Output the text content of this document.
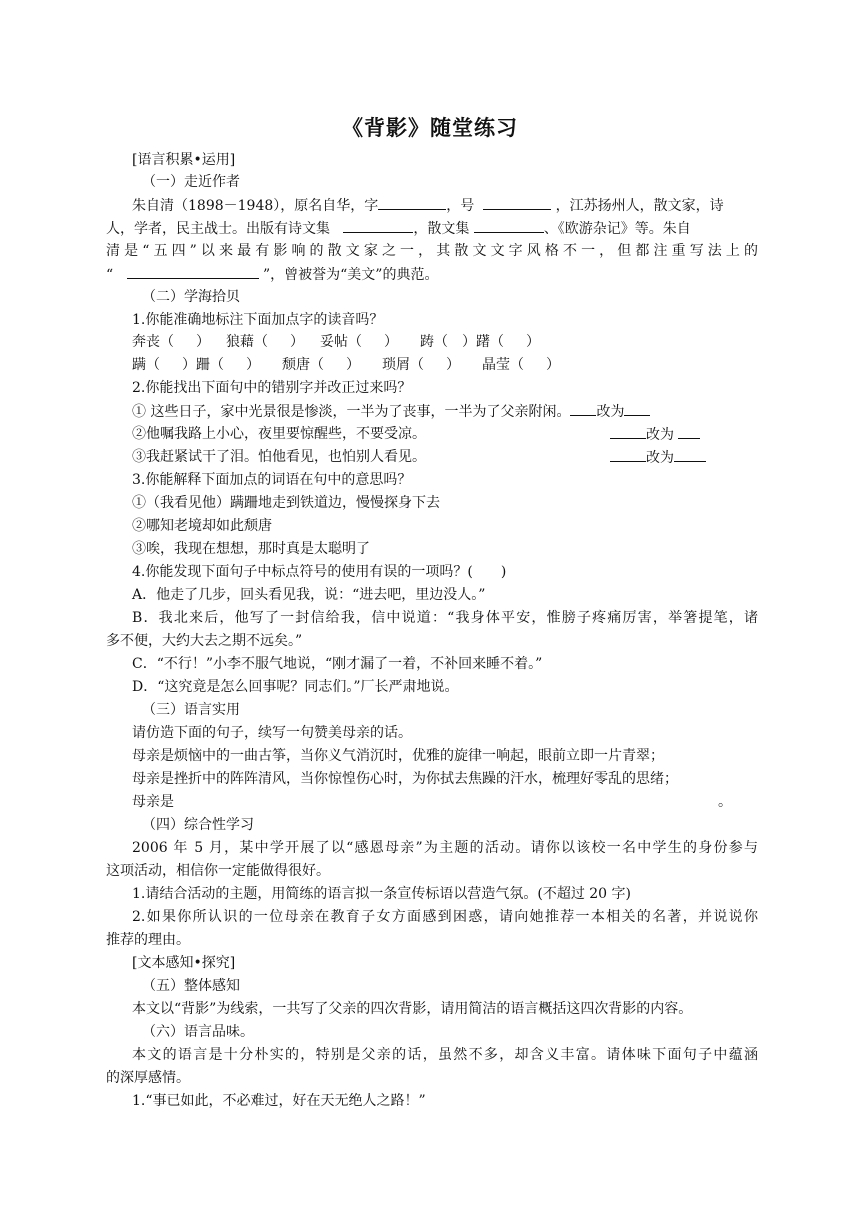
《背影》随堂练习
[语言积累•运用]
（一）走近作者
朱自清（1898－1948），原名自华，字	，号	，江苏扬州人，散文家，诗
人，学者，民主战士。出版有诗文集	，散文集	、《欧游杂记》等。朱自
清是“五四”以来最有影响的散文家之一，其散文文字风格不一，但都注重写法上的
“	”，曾被誉为“美文”的典范。
（二）学海拾贝
1.你能准确地标注下面加点字的读音吗？
奔丧（ ） 狼藉（ ） 妥帖（ ） 踌（ ）躇（ ）
蹒（ ）跚（ ） 颓唐（ ） 琐屑（ ） 晶莹（ ）
2.你能找出下面句中的错别字并改正过来吗？
① 这些日子，家中光景很是惨淡，一半为了丧事，一半为了父亲附闲。 改为
②他嘱我路上小心，夜里要惊醒些，不要受凉。	改为
③我赶紧试干了泪。怕他看见，也怕别人看见。	改为
3.你能解释下面加点的词语在句中的意思吗？
①（我看见他）蹒跚地走到铁道边，慢慢探身下去
②哪知老境却如此颓唐
③唉，我现在想想，那时真是太聪明了
4.你能发现下面句子中标点符号的使用有误的一项吗？(　　)
A．他走了几步，回头看见我，说：“进去吧，里边没人。”
B．我北来后，他写了一封信给我，信中说道：“我身体平安，惟膀子疼痛厉害，举箸提笔，诸
多不便，大约大去之期不远矣。”
C．“不行！”小李不服气地说，“刚才漏了一着，不补回来睡不着。”
D．“这究竟是怎么回事呢？同志们。”厂长严肃地说。
（三）语言实用
请仿造下面的句子，续写一句赞美母亲的话。
母亲是烦恼中的一曲古筝，当你义气消沉时，优雅的旋律一响起，眼前立即一片青翠；
母亲是挫折中的阵阵清风，当你惊惶伤心时，为你拭去焦躁的汗水，梳理好零乱的思绪；
母亲是	。
（四）综合性学习
2006 年 5 月，某中学开展了以“感恩母亲”为主题的活动。请你以该校一名中学生的身份参与
这项活动，相信你一定能做得很好。
1.请结合活动的主题，用简练的语言拟一条宣传标语以营造气氛。(不超过 20 字)
2.如果你所认识的一位母亲在教育子女方面感到困惑，请向她推荐一本相关的名著，并说说你
推荐的理由。
[文本感知•探究]
（五）整体感知
本文以“背影”为线索，一共写了父亲的四次背影，请用简洁的语言概括这四次背影的内容。
（六）语言品味。
本文的语言是十分朴实的，特别是父亲的话，虽然不多，却含义丰富。请体味下面句子中蕴涵
的深厚感情。
1.“事已如此，不必难过，好在天无绝人之路！”
